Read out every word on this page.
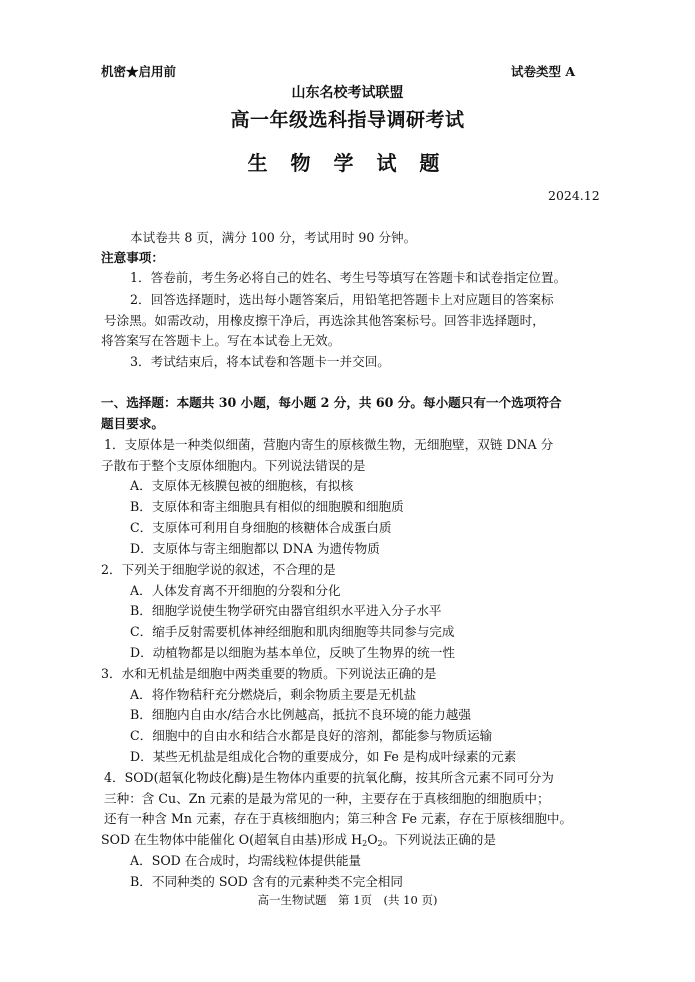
机密★启用前	试卷类型 A
山东名校考试联盟
高一年级选科指导调研考试
生 物 学 试 题
2024.12
本试卷共 8 页，满分 100 分，考试用时 90 分钟。
注意事项：
1．答卷前，考生务必将自己的姓名、考生号等填写在答题卡和试卷指定位置。
2．回答选择题时，选出每小题答案后，用铅笔把答题卡上对应题目的答案标
号涂黑。如需改动，用橡皮擦干净后，再选涂其他答案标号。回答非选择题时，
将答案写在答题卡上。写在本试卷上无效。
3．考试结束后，将本试卷和答题卡一并交回。
一、选择题：本题共 30 小题，每小题 2 分，共 60 分。每小题只有一个选项符合
题目要求。
1．支原体是一种类似细菌，营胞内寄生的原核微生物，无细胞壁，双链 DNA 分
子散布于整个支原体细胞内。下列说法错误的是
A．支原体无核膜包被的细胞核，有拟核
B．支原体和寄主细胞具有相似的细胞膜和细胞质
C．支原体可利用自身细胞的核糖体合成蛋白质
D．支原体与寄主细胞都以 DNA 为遗传物质
2．下列关于细胞学说的叙述，不合理的是
A．人体发育离不开细胞的分裂和分化
B．细胞学说使生物学研究由器官组织水平进入分子水平
C．缩手反射需要机体神经细胞和肌肉细胞等共同参与完成
D．动植物都是以细胞为基本单位，反映了生物界的统一性
3．水和无机盐是细胞中两类重要的物质。下列说法正确的是
A．将作物秸秆充分燃烧后，剩余物质主要是无机盐
B．细胞内自由水/结合水比例越高，抵抗不良环境的能力越强
C．细胞中的自由水和结合水都是良好的溶剂，都能参与物质运输
D．某些无机盐是组成化合物的重要成分，如 Fe 是构成叶绿素的元素
4．SOD(超氧化物歧化酶)是生物体内重要的抗氧化酶，按其所含元素不同可分为
三种：含 Cu、Zn 元素的是最为常见的一种，主要存在于真核细胞的细胞质中；
还有一种含 Mn 元素，存在于真核细胞内；第三种含 Fe 元素，存在于原核细胞中。
SOD 在生物体中能催化 O(超氧自由基)形成 $H_2O_2$。下列说法正确的是
A．SOD 在合成时，均需线粒体提供能量
B．不同种类的 SOD 含有的元素种类不完全相同
高一生物试题　第 1页　(共 10 页)
